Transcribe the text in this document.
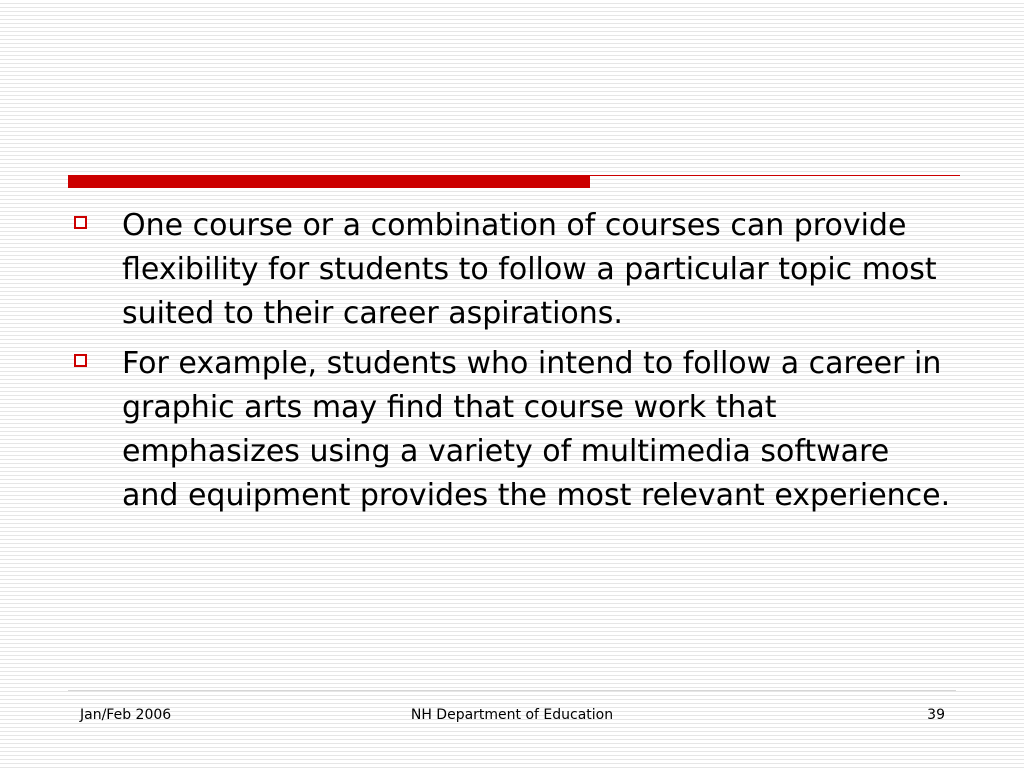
One course or a combination of courses can provide flexibility for students to follow a particular topic most suited to their career aspirations.
For example, students who intend to follow a career in graphic arts may find that course work that emphasizes using a variety of multimedia software and equipment provides the most relevant experience.
Jan/Feb 2006	NH Department of Education	39
